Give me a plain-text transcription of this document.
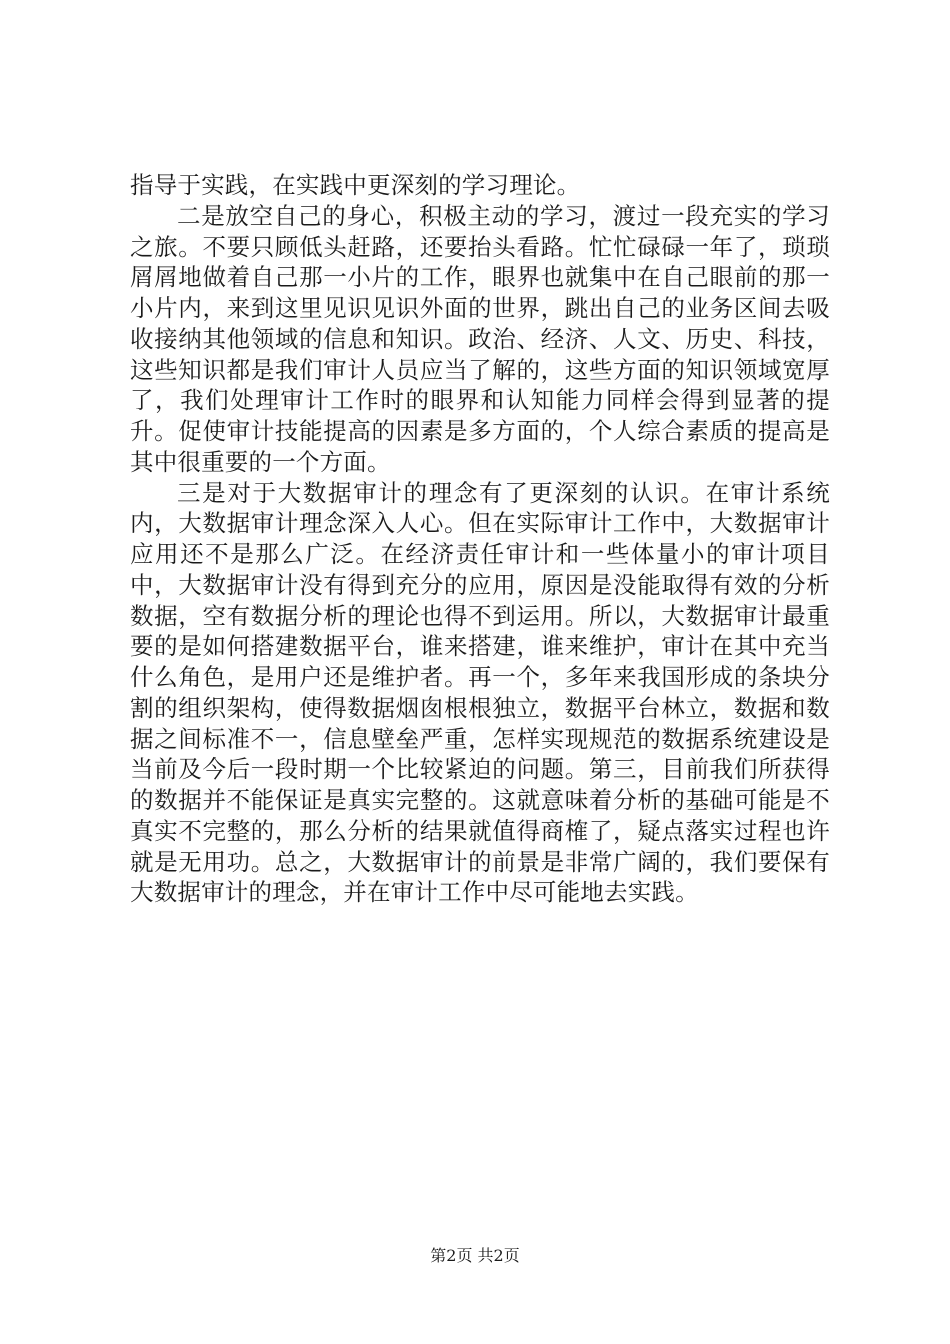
指导于实践，在实践中更深刻的学习理论。

二是放空自己的身心，积极主动的学习，渡过一段充实的学习之旅。不要只顾低头赶路，还要抬头看路。忙忙碌碌一年了，琐琐屑屑地做着自己那一小片的工作，眼界也就集中在自己眼前的那一小片内，来到这里见识见识外面的世界，跳出自己的业务区间去吸收接纳其他领域的信息和知识。政治、经济、人文、历史、科技，这些知识都是我们审计人员应当了解的，这些方面的知识领域宽厚了，我们处理审计工作时的眼界和认知能力同样会得到显著的提升。促使审计技能提高的因素是多方面的，个人综合素质的提高是其中很重要的一个方面。

三是对于大数据审计的理念有了更深刻的认识。在审计系统内，大数据审计理念深入人心。但在实际审计工作中，大数据审计应用还不是那么广泛。在经济责任审计和一些体量小的审计项目中，大数据审计没有得到充分的应用，原因是没能取得有效的分析数据，空有数据分析的理论也得不到运用。所以，大数据审计最重要的是如何搭建数据平台，谁来搭建，谁来维护，审计在其中充当什么角色，是用户还是维护者。再一个，多年来我国形成的条块分割的组织架构，使得数据烟囱根根独立，数据平台林立，数据和数据之间标准不一，信息壁垒严重，怎样实现规范的数据系统建设是当前及今后一段时期一个比较紧迫的问题。第三，目前我们所获得的数据并不能保证是真实完整的。这就意味着分析的基础可能是不真实不完整的，那么分析的结果就值得商榷了，疑点落实过程也许就是无用功。总之，大数据审计的前景是非常广阔的，我们要保有大数据审计的理念，并在审计工作中尽可能地去实践。

第2页 共2页
